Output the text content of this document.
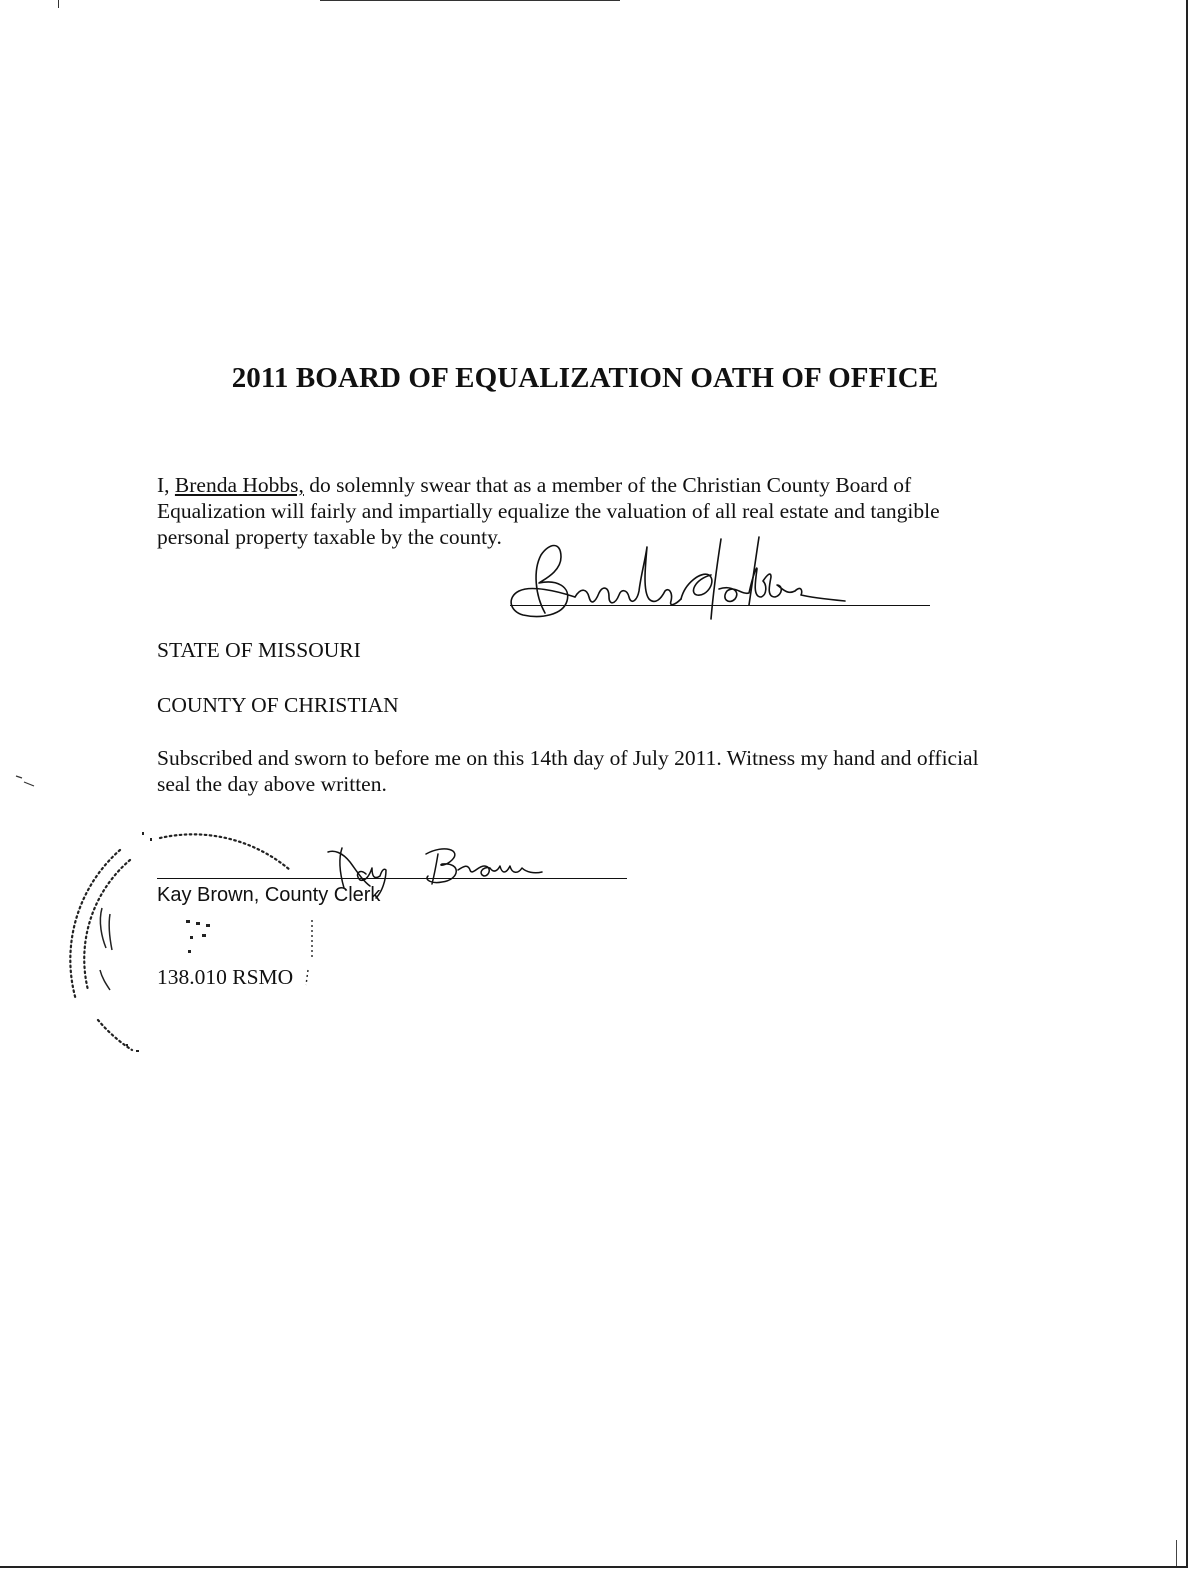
2011 BOARD OF EQUALIZATION OATH OF OFFICE

I, Brenda Hobbs, do solemnly swear that as a member of the Christian County Board of Equalization will fairly and impartially equalize the valuation of all real estate and tangible personal property taxable by the county.

STATE OF MISSOURI

COUNTY OF CHRISTIAN

Subscribed and sworn to before me on this 14th day of July 2011. Witness my hand and official seal the day above written.

Kay Brown, County Clerk
138.010 RSMO
